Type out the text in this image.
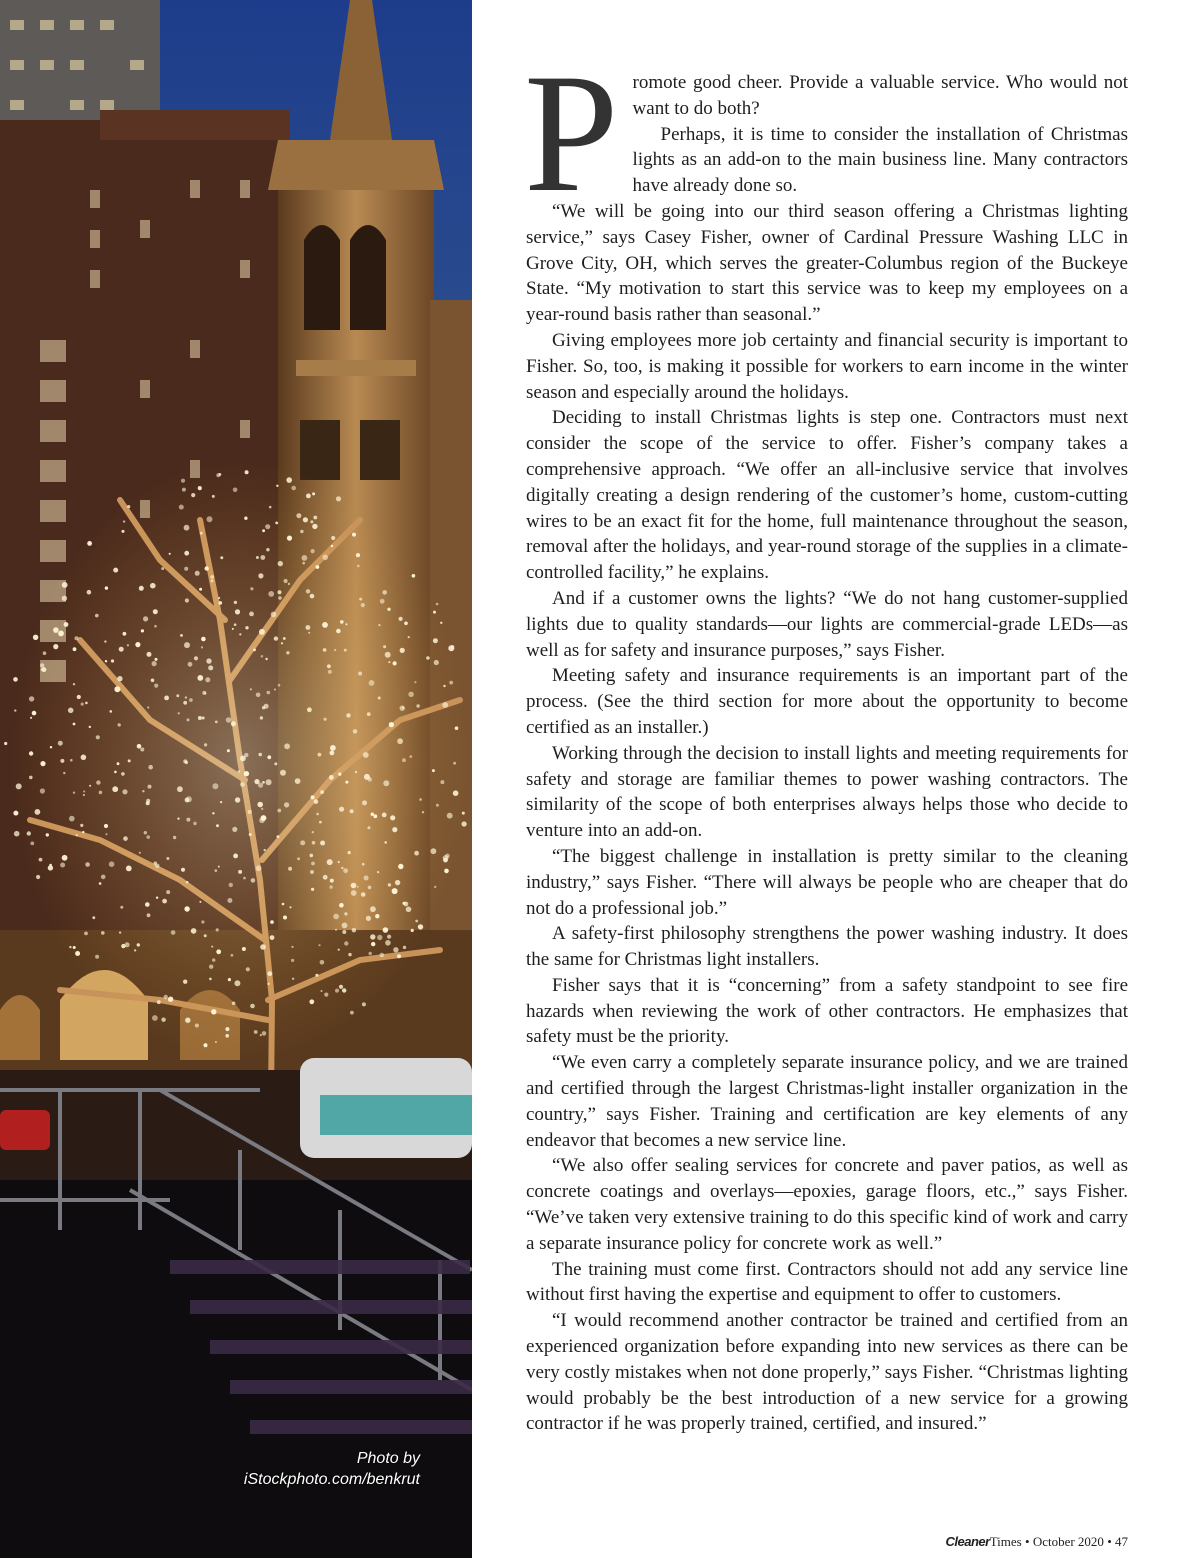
Photo by
iStockphoto.com/benkrut
P romote good cheer. Provide a valuable service. Who would not want to do both?

Perhaps, it is time to consider the installation of Christmas lights as an add-on to the main business line. Many contractors have already done so.

“We will be going into our third season offering a Christmas lighting service,” says Casey Fisher, owner of Cardinal Pressure Washing LLC in Grove City, OH, which serves the greater-Columbus region of the Buckeye State. “My motivation to start this service was to keep my employees on a year-round basis rather than seasonal.”

Giving employees more job certainty and financial security is important to Fisher. So, too, is making it possible for workers to earn income in the winter season and especially around the holidays.

Deciding to install Christmas lights is step one. Contractors must next consider the scope of the service to offer. Fisher’s company takes a comprehensive approach. “We offer an all-inclusive service that involves digitally creating a design rendering of the customer’s home, custom-cutting wires to be an exact fit for the home, full maintenance throughout the season, removal after the holidays, and year-round storage of the supplies in a climate-controlled facility,” he explains.

And if a customer owns the lights? “We do not hang customer-supplied lights due to quality standards—our lights are commercial-grade LEDs—as well as for safety and insurance purposes,” says Fisher.

Meeting safety and insurance requirements is an important part of the process. (See the third section for more about the opportunity to become certified as an installer.)

Working through the decision to install lights and meeting requirements for safety and storage are familiar themes to power washing contractors. The similarity of the scope of both enterprises always helps those who decide to venture into an add-on.

“The biggest challenge in installation is pretty similar to the cleaning industry,” says Fisher. “There will always be people who are cheaper that do not do a professional job.”

A safety-first philosophy strengthens the power washing industry. It does the same for Christmas light installers.

Fisher says that it is “concerning” from a safety standpoint to see fire hazards when reviewing the work of other contractors. He emphasizes that safety must be the priority.

“We even carry a completely separate insurance policy, and we are trained and certified through the largest Christmas-light installer organization in the country,” says Fisher. Training and certification are key elements of any endeavor that becomes a new service line.

“We also offer sealing services for concrete and paver patios, as well as concrete coatings and overlays—epoxies, garage floors, etc.,” says Fisher. “We’ve taken very extensive training to do this specific kind of work and carry a separate insurance policy for concrete work as well.”

The training must come first. Contractors should not add any service line without first having the expertise and equipment to offer to customers.

“I would recommend another contractor be trained and certified from an experienced organization before expanding into new services as there can be very costly mistakes when not done properly,” says Fisher. “Christmas lighting would probably be the best introduction of a new service for a growing contractor if he was properly trained, certified, and insured.”

CleanerTimes • October 2020 • 47
